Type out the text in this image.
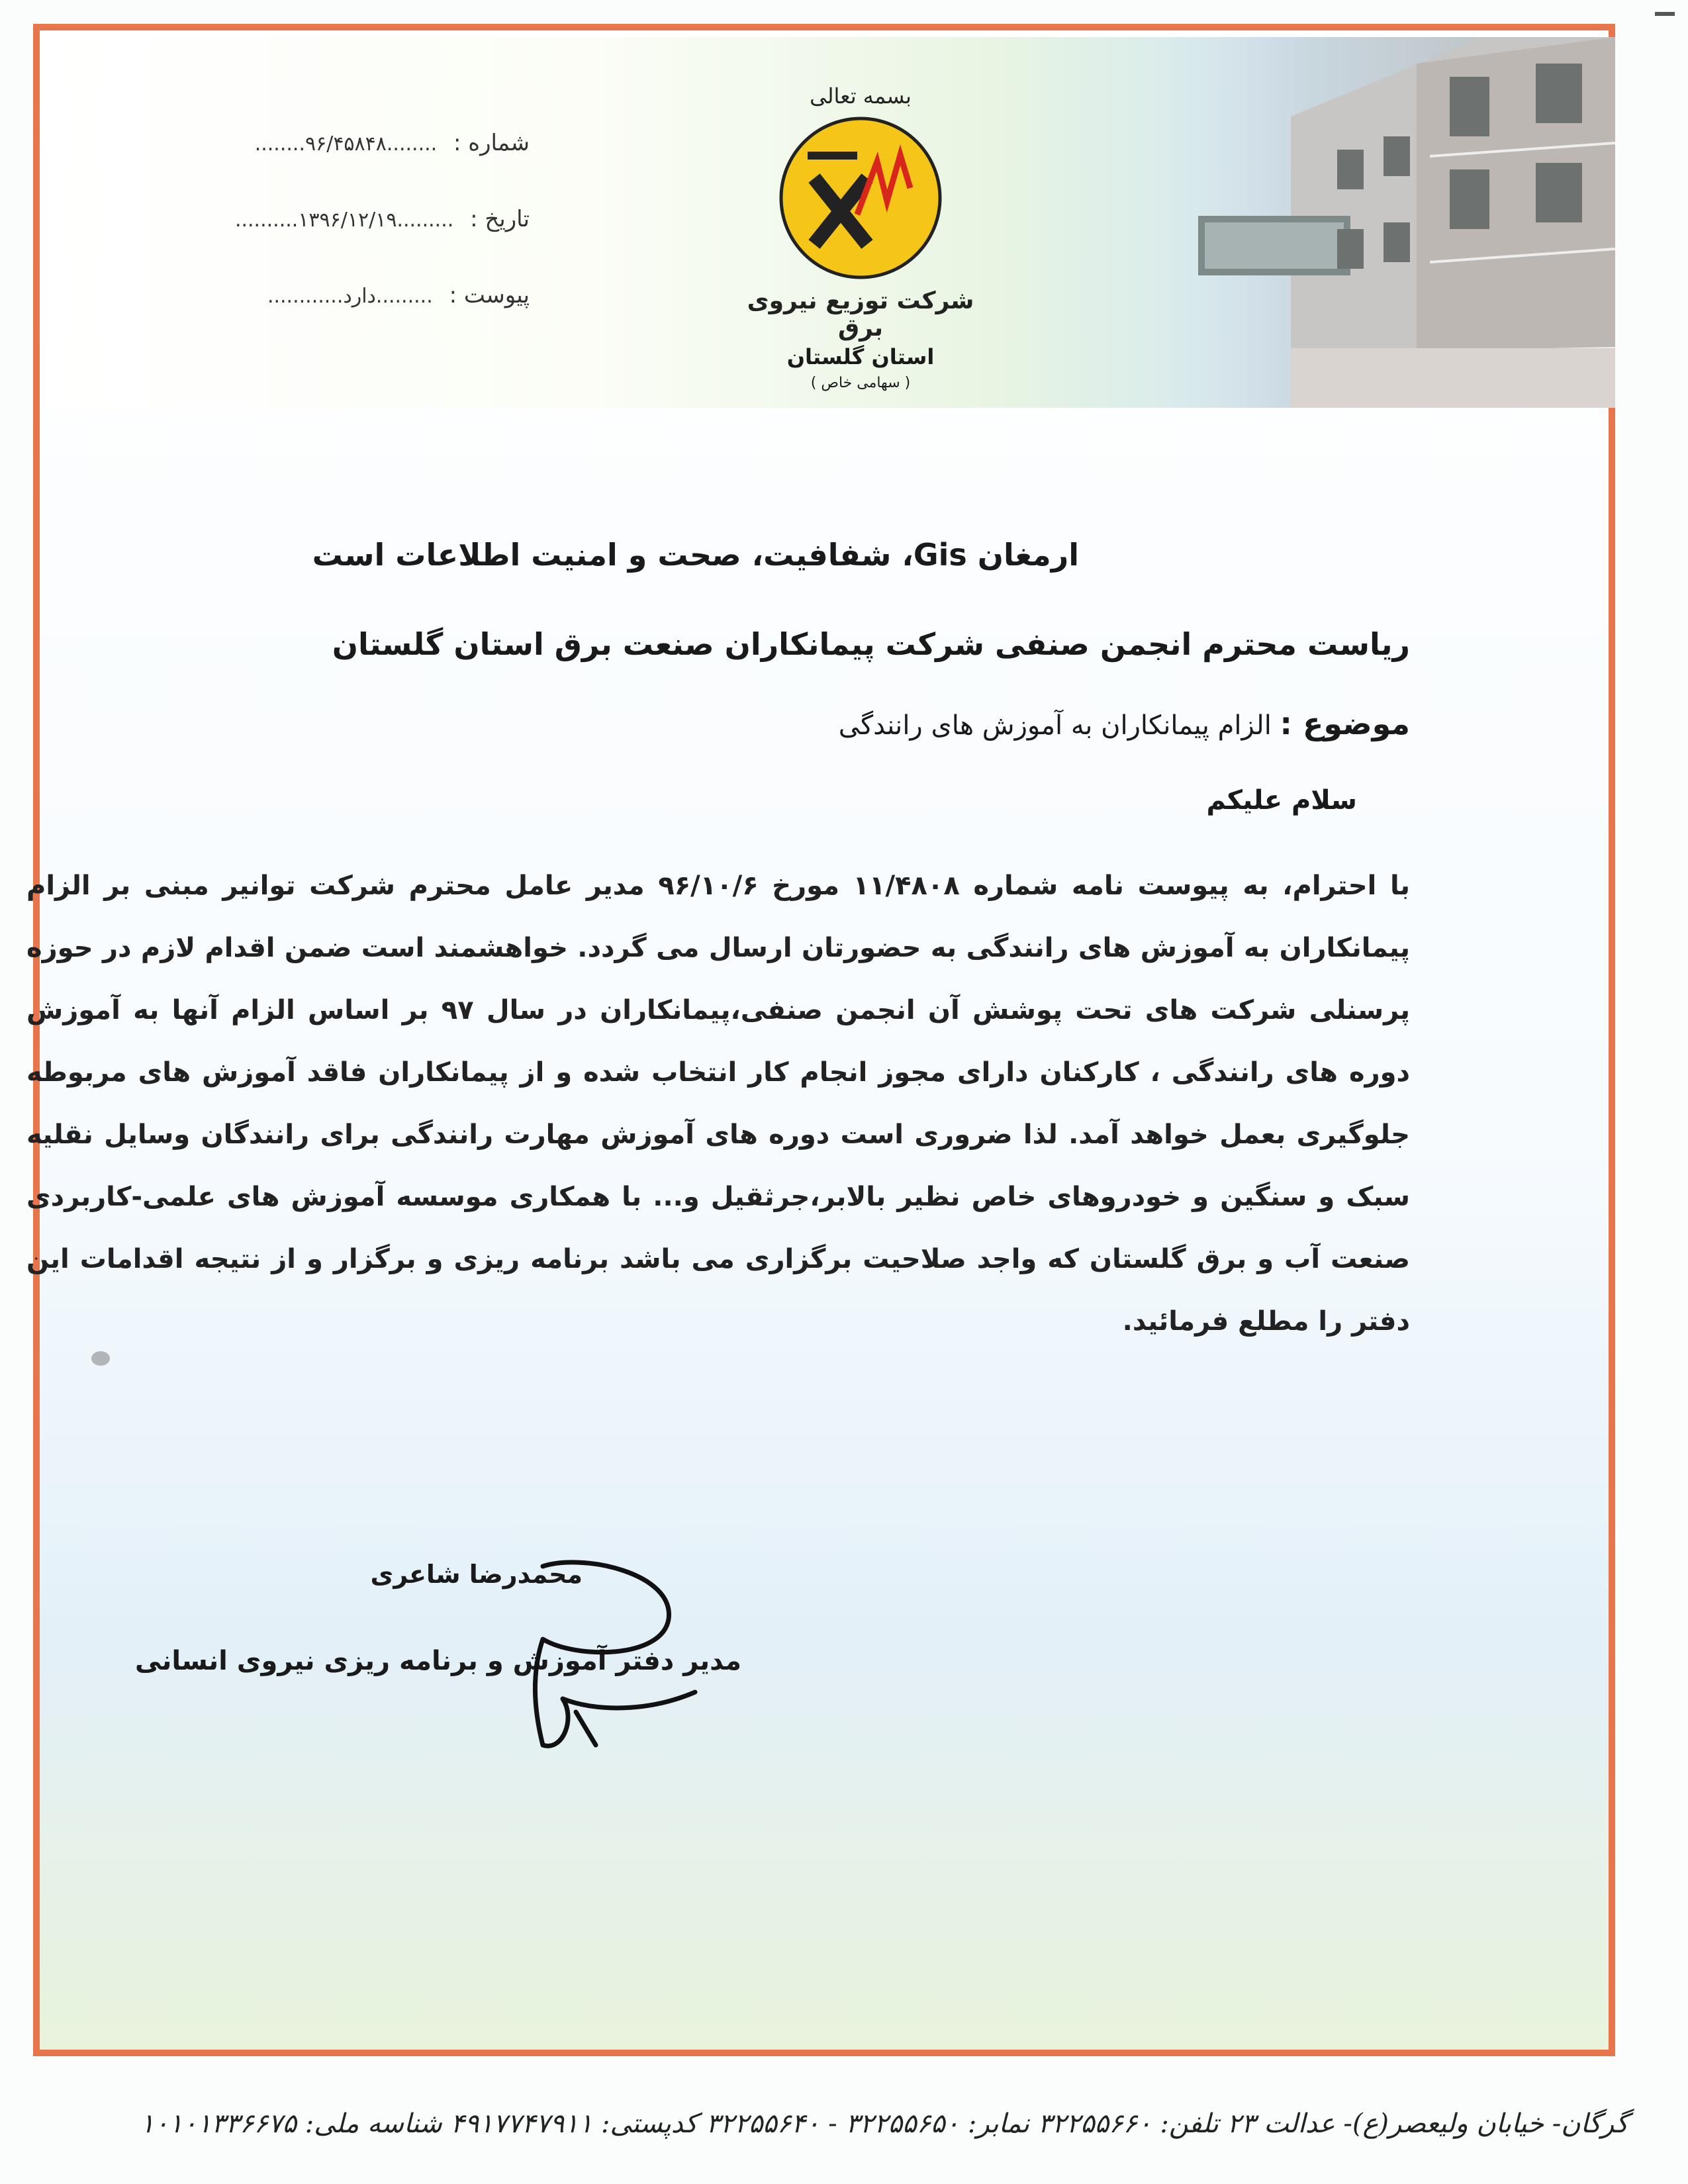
شماره : ........۹۶/۴۵۸۴۸........
تاریخ : .........۱۳۹۶/۱۲/۱۹..........
پیوست : .........دارد............
بسمه تعالی
شرکت توزیع نیروی برق
استان گلستان
( سهامی خاص )
ارمغان Gis، شفافیت، صحت و امنیت اطلاعات است
ریاست محترم انجمن صنفی شرکت پیمانکاران صنعت برق استان گلستان
موضوع : الزام پیمانکاران به آموزش های رانندگی
سلام علیکم
با احترام، به پیوست نامه شماره ۱۱/۴۸۰۸ مورخ ۹۶/۱۰/۶ مدیر عامل محترم شرکت توانیر مبنی بر الزام پیمانکاران به آموزش های رانندگی به حضورتان ارسال می گردد. خواهشمند است ضمن اقدام لازم در حوزه پرسنلی شرکت های تحت پوشش آن انجمن صنفی،پیمانکاران در سال ۹۷ بر اساس الزام آنها به آموزش دوره های رانندگی ، کارکنان دارای مجوز انجام کار انتخاب شده و از پیمانکاران فاقد آموزش های مربوطه جلوگیری بعمل خواهد آمد. لذا ضروری است دوره های آموزش مهارت رانندگی برای رانندگان وسایل نقلیه سبک و سنگین و خودروهای خاص نظیر بالابر،جرثقیل و... با همکاری موسسه آموزش های علمی-کاربردی صنعت آب و برق گلستان که واجد صلاحیت برگزاری می باشد برنامه ریزی و برگزار و از نتیجه اقدامات این دفتر را مطلع فرمائید.
محمدرضا شاعری
مدیر دفتر آموزش و برنامه ریزی نیروی انسانی
گرگان- خیابان ولیعصر(ع)- عدالت ۲۳ تلفن: ۳۲۲۵۵۶۶۰ نمابر: ۳۲۲۵۵۶۵۰ - ۳۲۲۵۵۶۴۰ کدپستی: ۴۹۱۷۷۴۷۹۱۱ شناسه ملی: ۱۰۱۰۱۳۳۶۶۷۵
